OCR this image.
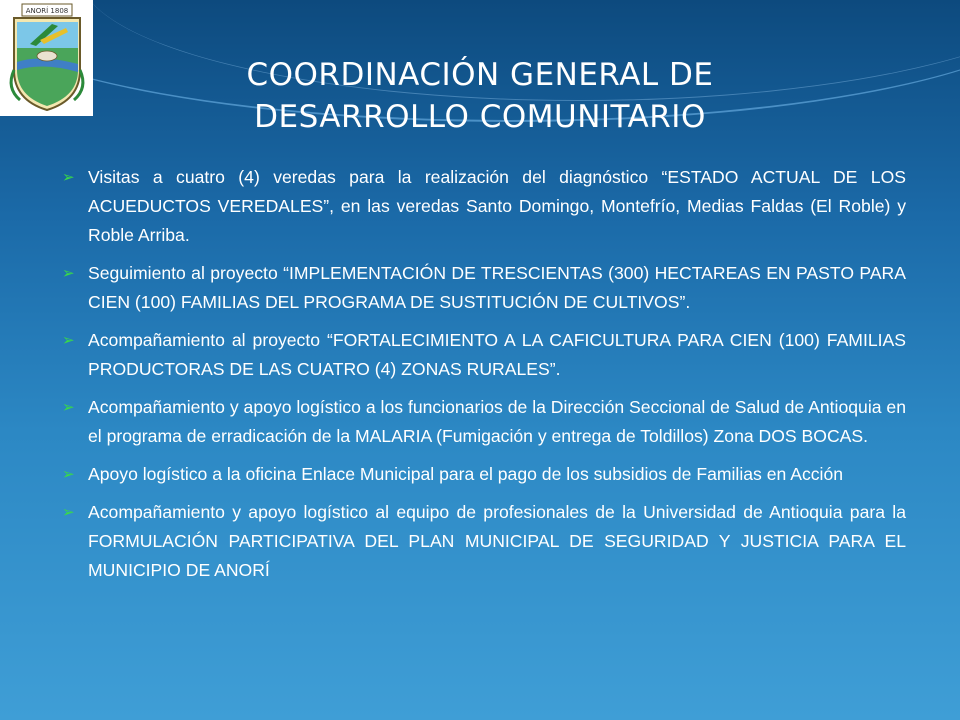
ANORÍ 1808
COORDINACIÓN GENERAL DE
DESARROLLO COMUNITARIO
➢ Visitas a cuatro (4) veredas para la realización del diagnóstico “ESTADO ACTUAL DE LOS ACUEDUCTOS VEREDALES”, en las veredas Santo Domingo, Montefrío, Medias Faldas (El Roble) y Roble Arriba.
➢ Seguimiento al proyecto “IMPLEMENTACIÓN DE TRESCIENTAS (300) HECTAREAS EN PASTO PARA CIEN (100) FAMILIAS DEL PROGRAMA DE SUSTITUCIÓN DE CULTIVOS”.
➢ Acompañamiento al proyecto “FORTALECIMIENTO A LA CAFICULTURA PARA CIEN (100) FAMILIAS PRODUCTORAS DE LAS CUATRO (4) ZONAS RURALES”.
➢ Acompañamiento y apoyo logístico a los funcionarios de la Dirección Seccional de Salud de Antioquia en el programa de erradicación de la MALARIA (Fumigación y entrega de Toldillos) Zona DOS BOCAS.
➢ Apoyo logístico a la oficina Enlace Municipal para el pago de los subsidios de Familias en Acción
➢ Acompañamiento y apoyo logístico al equipo de profesionales de la Universidad de Antioquia para la FORMULACIÓN PARTICIPATIVA DEL PLAN MUNICIPAL DE SEGURIDAD Y JUSTICIA PARA EL MUNICIPIO DE ANORÍ
